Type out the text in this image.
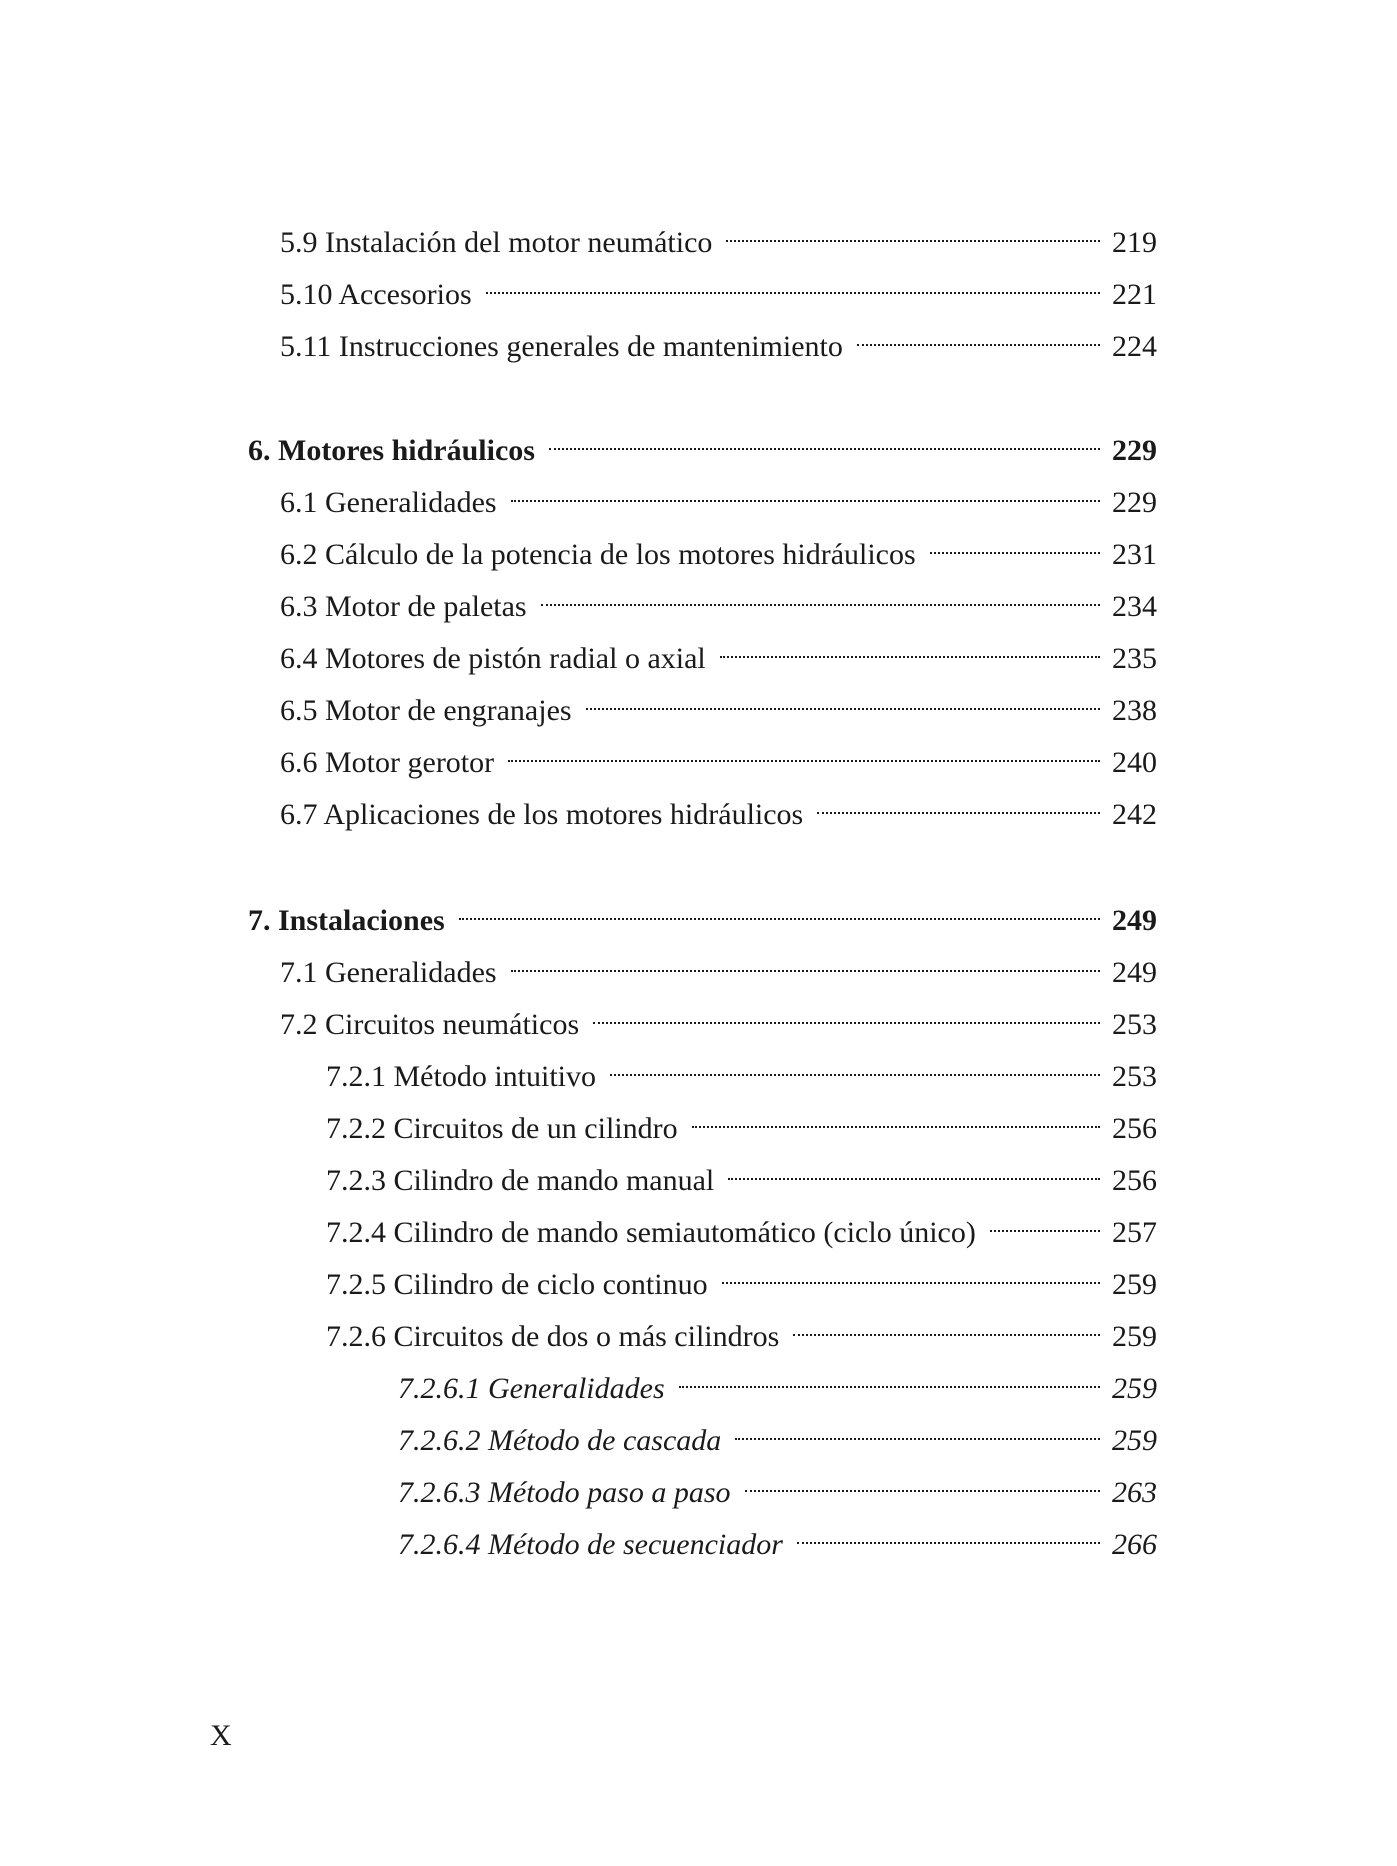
5.9 Instalación del motor neumático	219
5.10 Accesorios	221
5.11 Instrucciones generales de mantenimiento	224
6. Motores hidráulicos	229
6.1 Generalidades	229
6.2 Cálculo de la potencia de los motores hidráulicos	231
6.3 Motor de paletas	234
6.4 Motores de pistón radial o axial	235
6.5 Motor de engranajes	238
6.6 Motor gerotor	240
6.7 Aplicaciones de los motores hidráulicos	242
7. Instalaciones	249
7.1 Generalidades	249
7.2 Circuitos neumáticos	253
7.2.1 Método intuitivo	253
7.2.2 Circuitos de un cilindro	256
7.2.3 Cilindro de mando manual	256
7.2.4 Cilindro de mando semiautomático (ciclo único)	257
7.2.5 Cilindro de ciclo continuo	259
7.2.6 Circuitos de dos o más cilindros	259
7.2.6.1 Generalidades	259
7.2.6.2 Método de cascada	259
7.2.6.3 Método paso a paso	263
7.2.6.4 Método de secuenciador	266
X
